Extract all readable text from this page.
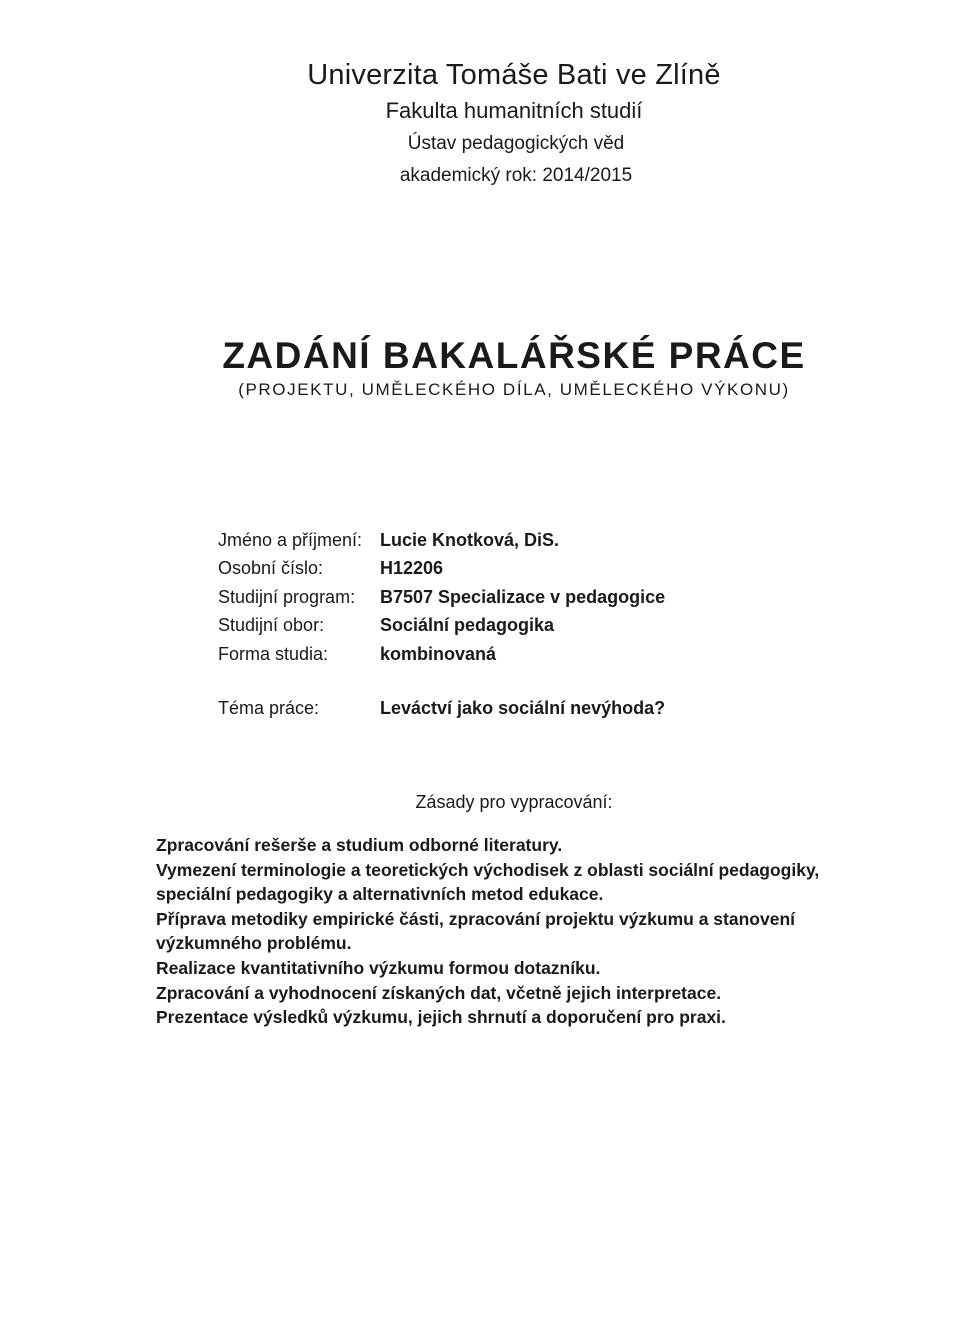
Univerzita Tomáše Bati ve Zlíně
Fakulta humanitních studií
Ústav pedagogických věd
akademický rok: 2014/2015
ZADÁNÍ BAKALÁŘSKÉ PRÁCE
(PROJEKTU, UMĚLECKÉHO DÍLA, UMĚLECKÉHO VÝKONU)
Jméno a příjmení: Lucie Knotková, DiS.
Osobní číslo:	H12206
Studijní program:	B7507 Specializace v pedagogice
Studijní obor:	Sociální pedagogika
Forma studia:	kombinovaná
Téma práce:	Leváctví jako sociální nevýhoda?
Zásady pro vypracování:

Zpracování rešerše a studium odborné literatury.

Vymezení terminologie a teoretických východisek z oblasti sociální pedagogiky, speciální pedagogiky a alternativních metod edukace.

Příprava metodiky empirické části, zpracování projektu výzkumu a stanovení výzkumného problému.

Realizace kvantitativního výzkumu formou dotazníku.

Zpracování a vyhodnocení získaných dat, včetně jejich interpretace.

Prezentace výsledků výzkumu, jejich shrnutí a doporučení pro praxi.
